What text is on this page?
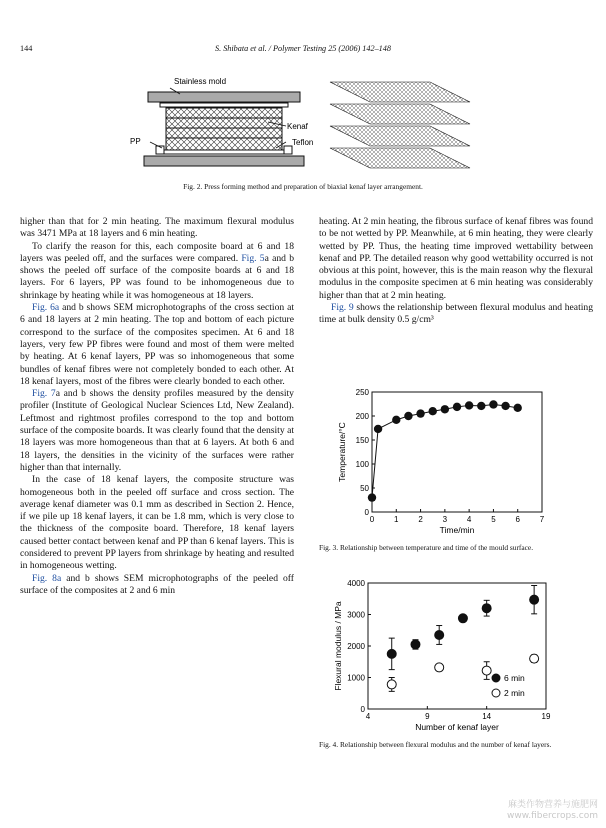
144	S. Shibata et al. / Polymer Testing 25 (2006) 142–148
Stainless mold
Kenaf
PP	Teflon
Fig. 2. Press forming method and preparation of biaxial kenaf layer arrangement.

higher than that for 2 min heating. The maximum flexural modulus was 3471 MPa at 18 layers and 6 min heating.

To clarify the reason for this, each composite board at 6 and 18 layers was peeled off, and the surfaces were compared. Fig. 5a and b shows the peeled off surface of the composite boards at 6 and 18 layers. For 6 layers, PP was found to be inhomogeneous due to shrinkage by heating while it was homogeneous at 18 layers.

Fig. 6a and b shows SEM microphotographs of the cross section at 6 and 18 layers at 2 min heating. The top and bottom of each picture correspond to the surface of the composites specimen. At 6 and 18 layers, very few PP fibres were found and most of them were melted by heating. At 6 kenaf layers, PP was so inhomogeneous that some bundles of kenaf fibres were not completely bonded to each other. At 18 kenaf layers, most of the fibres were clearly bonded to each other.

Fig. 7a and b shows the density profiles measured by the density profiler (Institute of Geological Nuclear Sciences Ltd, New Zealand). Leftmost and rightmost profiles correspond to the top and bottom surface of the composite boards. It was clearly found that the density at 18 layers was more homogeneous than that at 6 layers. At both 6 and 18 layers, the densities in the vicinity of the surfaces were rather higher than that internally.

In the case of 18 kenaf layers, the composite structure was homogeneous both in the peeled off surface and cross section. The average kenaf diameter was 0.1 mm as described in Section 2. Hence, if we pile up 18 kenaf layers, it can be 1.8 mm, which is very close to the thickness of the composite board. Therefore, 18 kenaf layers caused better contact between kenaf and PP than 6 kenaf layers. This is considered to prevent PP layers from shrinkage by heating and resulted in homogeneous wetting.

Fig. 8a and b shows SEM microphotographs of the peeled off surface of the composites at 2 and 6 min

heating. At 2 min heating, the fibrous surface of kenaf fibres was found to be not wetted by PP. Meanwhile, at 6 min heating, they were clearly wetted by PP. Thus, the heating time improved wettability between kenaf and PP. The detailed reason why good wettability occurred is not obvious at this point, however, this is the main reason why the flexural modulus in the composite specimen at 6 min heating was considerably higher than that at 2 min heating.

Fig. 9 shows the relationship between flexural modulus and heating time at bulk density 0.5 g/cm³

0 1 2 3 4 5 6 7
0
50
100
150
200
250
Time/min
Temperature/°C
Fig. 3. Relationship between temperature and time of the mould surface.
4	9	14	19
0
1000
2000
3000
4000
Number of kenaf layer
Flexural modulus / MPa	6 min
2 min
Fig. 4. Relationship between flexural modulus and the number of kenaf layers.
麻类作物营养与施肥网
www.fibercrops.com
